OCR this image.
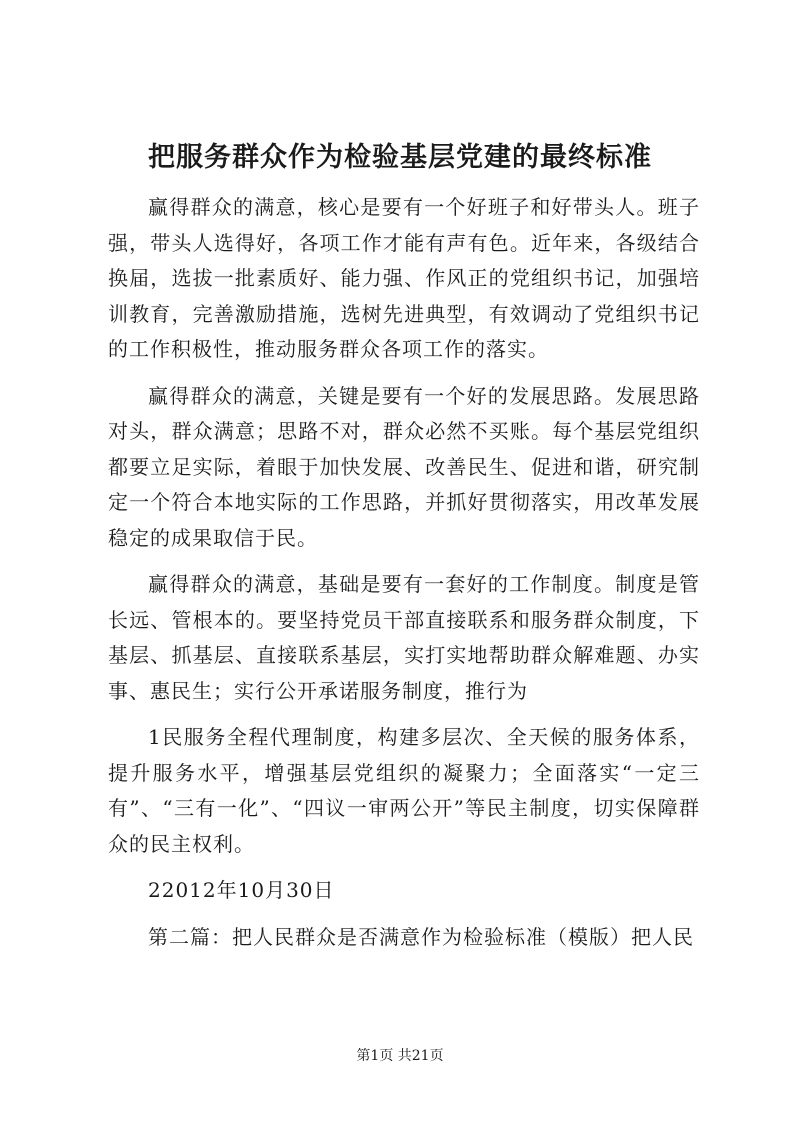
把服务群众作为检验基层党建的最终标准

赢得群众的满意，核心是要有一个好班子和好带头人。班子强，带头人选得好，各项工作才能有声有色。近年来，各级结合换届，选拔一批素质好、能力强、作风正的党组织书记，加强培训教育，完善激励措施，选树先进典型，有效调动了党组织书记的工作积极性，推动服务群众各项工作的落实。

赢得群众的满意，关键是要有一个好的发展思路。发展思路对头，群众满意；思路不对，群众必然不买账。每个基层党组织都要立足实际，着眼于加快发展、改善民生、促进和谐，研究制定一个符合本地实际的工作思路，并抓好贯彻落实，用改革发展稳定的成果取信于民。

赢得群众的满意，基础是要有一套好的工作制度。制度是管长远、管根本的。要坚持党员干部直接联系和服务群众制度，下基层、抓基层、直接联系基层，实打实地帮助群众解难题、办实事、惠民生；实行公开承诺服务制度，推行为

1民服务全程代理制度，构建多层次、全天候的服务体系，提升服务水平，增强基层党组织的凝聚力；全面落实“一定三有”、“三有一化”、“四议一审两公开”等民主制度，切实保障群众的民主权利。

22012年10月30日

第二篇：把人民群众是否满意作为检验标准（模版）把人民

第1页 共21页
